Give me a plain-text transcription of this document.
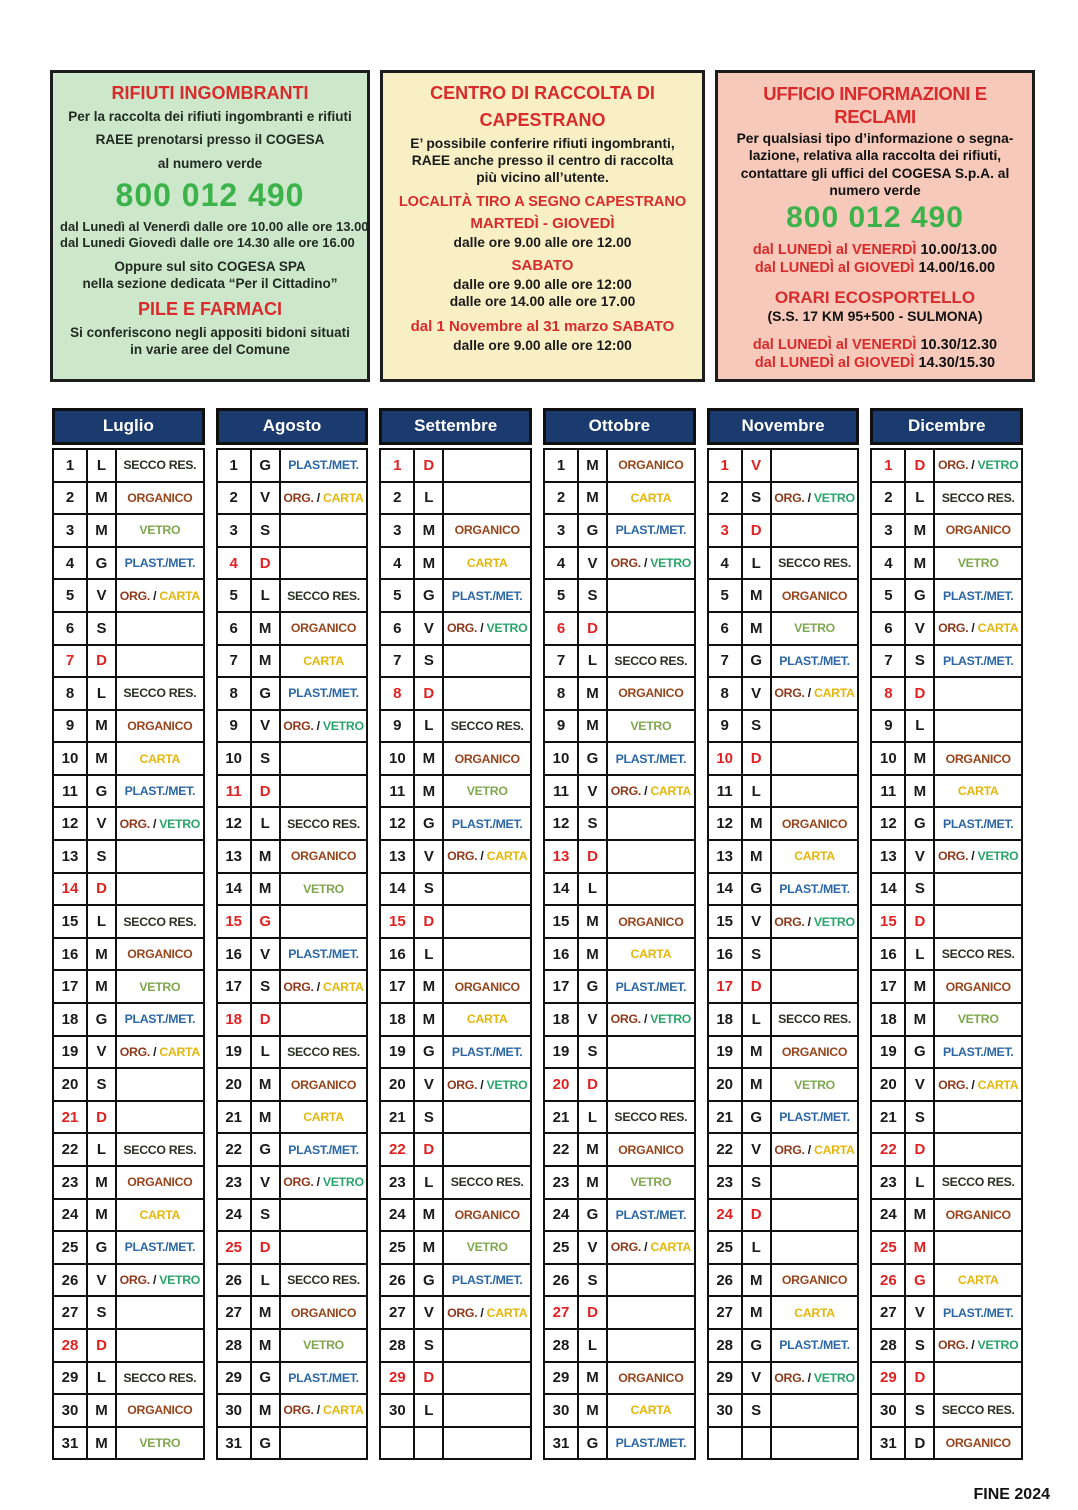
RIFIUTI INGOMBRANTI
Per la raccolta dei rifiuti ingombranti e rifiuti
RAEE prenotarsi presso il COGESA
al numero verde
800 012 490
dal Lunedì al Venerdì dalle ore 10.00 alle ore 13.00
dal Lunedi Giovedì dalle ore 14.30 alle ore 16.00
Oppure sul sito COGESA SPA
nella sezione dedicata “Per il Cittadino”
PILE E FARMACI
Si conferiscono negli appositi bidoni situati
in varie aree del Comune
CENTRO DI RACCOLTA DI
CAPESTRANO
E’ possibile conferire rifiuti ingombranti,
RAEE anche presso il centro di raccolta
più vicino all’utente.
LOCALITÀ TIRO A SEGNO CAPESTRANO
MARTEDÌ - GIOVEDÌ
dalle ore 9.00 alle ore 12.00
SABATO
dalle ore 9.00 alle ore 12:00
dalle ore 14.00 alle ore 17.00
dal 1 Novembre al 31 marzo SABATO
dalle ore 9.00 alle ore 12:00
UFFICIO INFORMAZIONI E RECLAMI
Per qualsiasi tipo d’informazione o segna-
lazione, relativa alla raccolta dei rifiuti,
contattare gli uffici del COGESA S.p.A. al
numero verde
800 012 490
dal LUNEDÌ al VENERDÌ 10.00/13.00
dal LUNEDÌ al GIOVEDÌ 14.00/16.00
ORARI ECOSPORTELLO
(S.S. 17 KM 95+500 - SULMONA)
dal LUNEDÌ al VENERDÌ 10.30/12.30
dal LUNEDÌ al GIOVEDÌ 14.30/15.30
Luglio
1	L	SECCO RES.
2	M	ORGANICO
3	M	VETRO
4	G	PLAST./MET.
5	V	ORG. / CARTA
6	S	
7	D	
8	L	SECCO RES.
9	M	ORGANICO
10	M	CARTA
11	G	PLAST./MET.
12	V	ORG. / VETRO
13	S	
14	D	
15	L	SECCO RES.
16	M	ORGANICO
17	M	VETRO
18	G	PLAST./MET.
19	V	ORG. / CARTA
20	S	
21	D	
22	L	SECCO RES.
23	M	ORGANICO
24	M	CARTA
25	G	PLAST./MET.
26	V	ORG. / VETRO
27	S	
28	D	
29	L	SECCO RES.
30	M	ORGANICO
31	M	VETRO
Agosto
1	G	PLAST./MET.
2	V	ORG. / CARTA
3	S	
4	D	
5	L	SECCO RES.
6	M	ORGANICO
7	M	CARTA
8	G	PLAST./MET.
9	V	ORG. / VETRO
10	S	
11	D	
12	L	SECCO RES.
13	M	ORGANICO
14	M	VETRO
15	G	
16	V	PLAST./MET.
17	S	ORG. / CARTA
18	D	
19	L	SECCO RES.
20	M	ORGANICO
21	M	CARTA
22	G	PLAST./MET.
23	V	ORG. / VETRO
24	S	
25	D	
26	L	SECCO RES.
27	M	ORGANICO
28	M	VETRO
29	G	PLAST./MET.
30	M	ORG. / CARTA
31	G	
Settembre
1	D	
2	L	
3	M	ORGANICO
4	M	CARTA
5	G	PLAST./MET.
6	V	ORG. / VETRO
7	S	
8	D	
9	L	SECCO RES.
10	M	ORGANICO
11	M	VETRO
12	G	PLAST./MET.
13	V	ORG. / CARTA
14	S	
15	D	
16	L	
17	M	ORGANICO
18	M	CARTA
19	G	PLAST./MET.
20	V	ORG. / VETRO
21	S	
22	D	
23	L	SECCO RES.
24	M	ORGANICO
25	M	VETRO
26	G	PLAST./MET.
27	V	ORG. / CARTA
28	S	
29	D	
30	L	

Ottobre
1	M	ORGANICO
2	M	CARTA
3	G	PLAST./MET.
4	V	ORG. / VETRO
5	S	
6	D	
7	L	SECCO RES.
8	M	ORGANICO
9	M	VETRO
10	G	PLAST./MET.
11	V	ORG. / CARTA
12	S	
13	D	
14	L	
15	M	ORGANICO
16	M	CARTA
17	G	PLAST./MET.
18	V	ORG. / VETRO
19	S	
20	D	
21	L	SECCO RES.
22	M	ORGANICO
23	M	VETRO
24	G	PLAST./MET.
25	V	ORG. / CARTA
26	S	
27	D	
28	L	
29	M	ORGANICO
30	M	CARTA
31	G	PLAST./MET.
Novembre
1	V	
2	S	ORG. / VETRO
3	D	
4	L	SECCO RES.
5	M	ORGANICO
6	M	VETRO
7	G	PLAST./MET.
8	V	ORG. / CARTA
9	S	
10	D	
11	L	
12	M	ORGANICO
13	M	CARTA
14	G	PLAST./MET.
15	V	ORG. / VETRO
16	S	
17	D	
18	L	SECCO RES.
19	M	ORGANICO
20	M	VETRO
21	G	PLAST./MET.
22	V	ORG. / CARTA
23	S	
24	D	
25	L	
26	M	ORGANICO
27	M	CARTA
28	G	PLAST./MET.
29	V	ORG. / VETRO
30	S	

Dicembre
1	D	ORG. / VETRO
2	L	SECCO RES.
3	M	ORGANICO
4	M	VETRO
5	G	PLAST./MET.
6	V	ORG. / CARTA
7	S	PLAST./MET.
8	D	
9	L	
10	M	ORGANICO
11	M	CARTA
12	G	PLAST./MET.
13	V	ORG. / VETRO
14	S	
15	D	
16	L	SECCO RES.
17	M	ORGANICO
18	M	VETRO
19	G	PLAST./MET.
20	V	ORG. / CARTA
21	S	
22	D	
23	L	SECCO RES.
24	M	ORGANICO
25	M	
26	G	CARTA
27	V	PLAST./MET.
28	S	ORG. / VETRO
29	D	
30	S	SECCO RES.
31	D	ORGANICO
FINE 2024
